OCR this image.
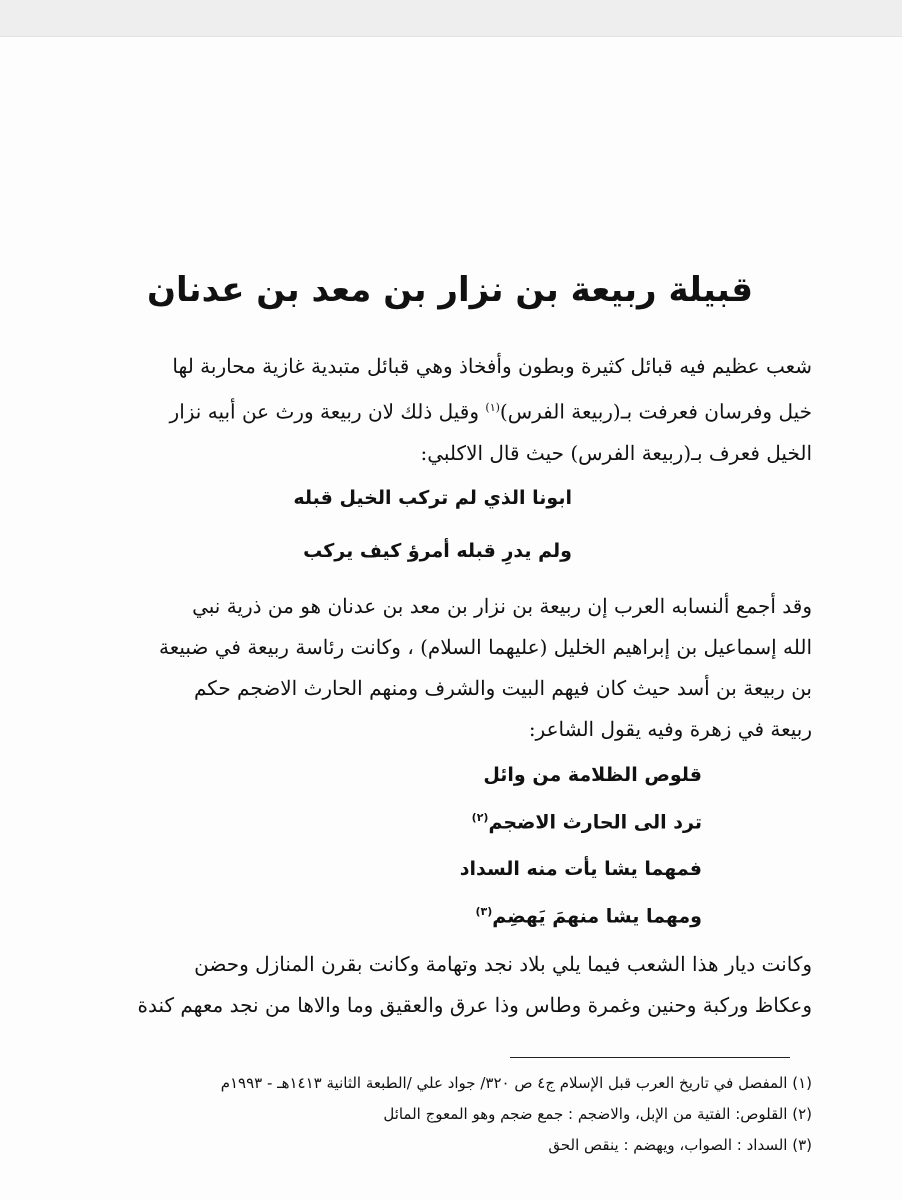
قبيلة ربيعة بن نزار بن معد بن عدنان
شعب عظيم فيه قبائل كثيرة وبطون وأفخاذ وهي قبائل متبدية غازية محاربة لها
خيل وفرسان فعرفت بـ(ربيعة الفرس)$^{(١)}$ وقيل ذلك لان ربيعة ورث عن أبيه نزار
الخيل فعرف بـ(ربيعة الفرس) حيث قال الاكلبي:
ابونا الذي لم تركب الخيل قبله
ولم يدرِ قبله أمرؤ كيف يركب
وقد أجمع ألنسابه العرب إن ربيعة بن نزار بن معد بن عدنان هو من ذرية نبي
الله إسماعيل بن إبراهيم الخليل (عليهما السلام) ، وكانت رئاسة ربيعة في ضبيعة
بن ربيعة بن أسد حيث كان فيهم البيت والشرف ومنهم الحارث الاضجم حكم
ربيعة في زهرة وفيه يقول الشاعر:
قلوص الظلامة من وائل
ترد الى الحارث الاضجم$^{(٢)}$
فمهما يشا يأت منه السداد
ومهما يشا منهمَ يَهضِم$^{(٣)}$
وكانت ديار هذا الشعب فيما يلي بلاد نجد وتهامة وكانت بقرن المنازل وحضن
وعكاظ وركبة وحنين وغمرة وطاس وذا عرق والعقيق وما والاها من نجد معهم كندة
(١) المفصل في تاريخ العرب قبل الإسلام ج٤ ص ٣٢٠/ جواد علي /الطبعة الثانية ١٤١٣هـ - ١٩٩٣م
(٢) القلوص: الفتية من الإبل، والاضجم : جمع ضجم وهو المعوج المائل
(٣) السداد : الصواب، ويهضم : ينقص الحق
